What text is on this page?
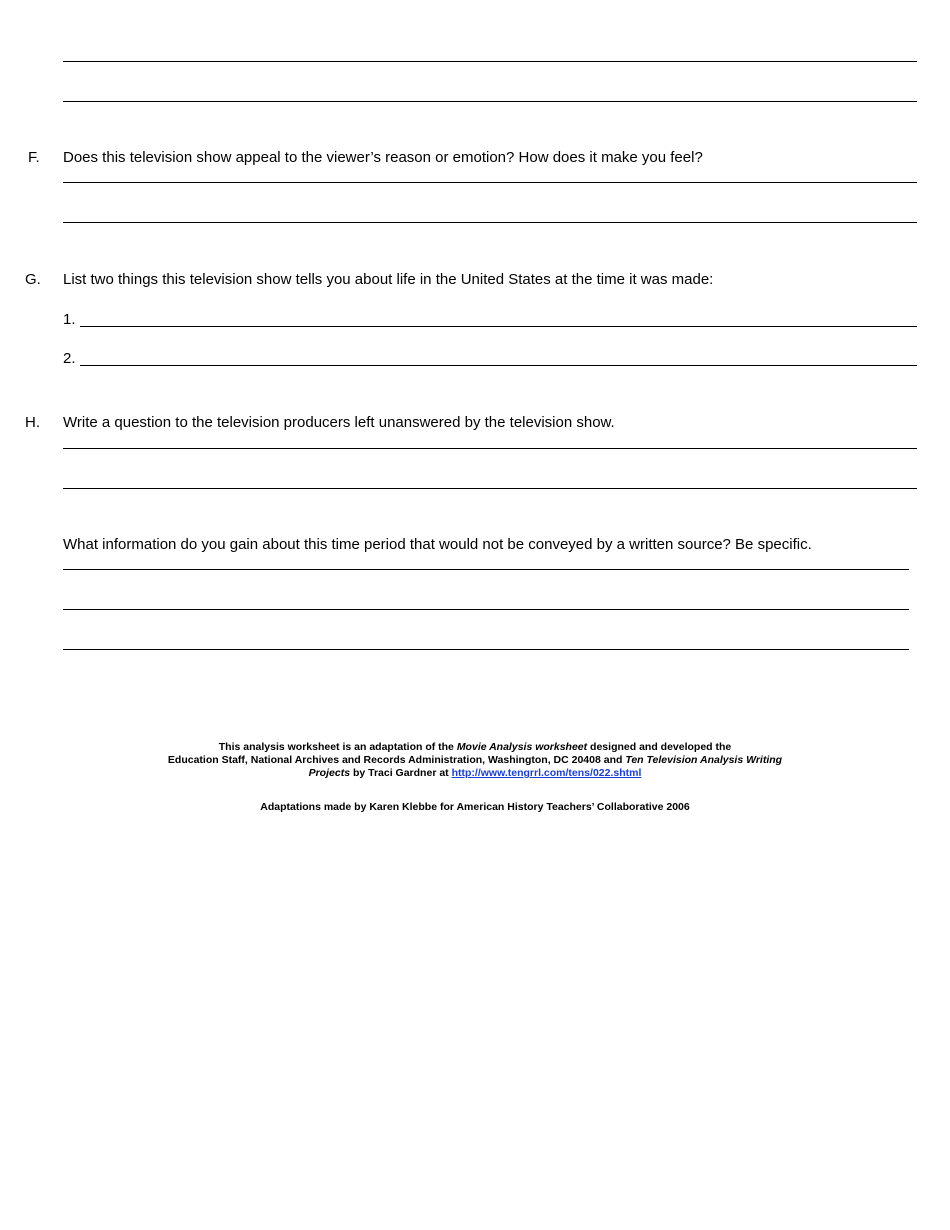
F. Does this television show appeal to the viewer’s reason or emotion? How does it make you feel?
G. List two things this television show tells you about life in the United States at the time it was made:
1.
2.
H. Write a question to the television producers left unanswered by the television show.
What information do you gain about this time period that would not be conveyed by a written source? Be specific.
This analysis worksheet is an adaptation of the Movie Analysis worksheet designed and developed the
Education Staff, National Archives and Records Administration, Washington, DC 20408 and Ten Television Analysis Writing
Projects by Traci Gardner at http://www.tengrrl.com/tens/022.shtml
Adaptations made by Karen Klebbe for American History Teachers’ Collaborative 2006
